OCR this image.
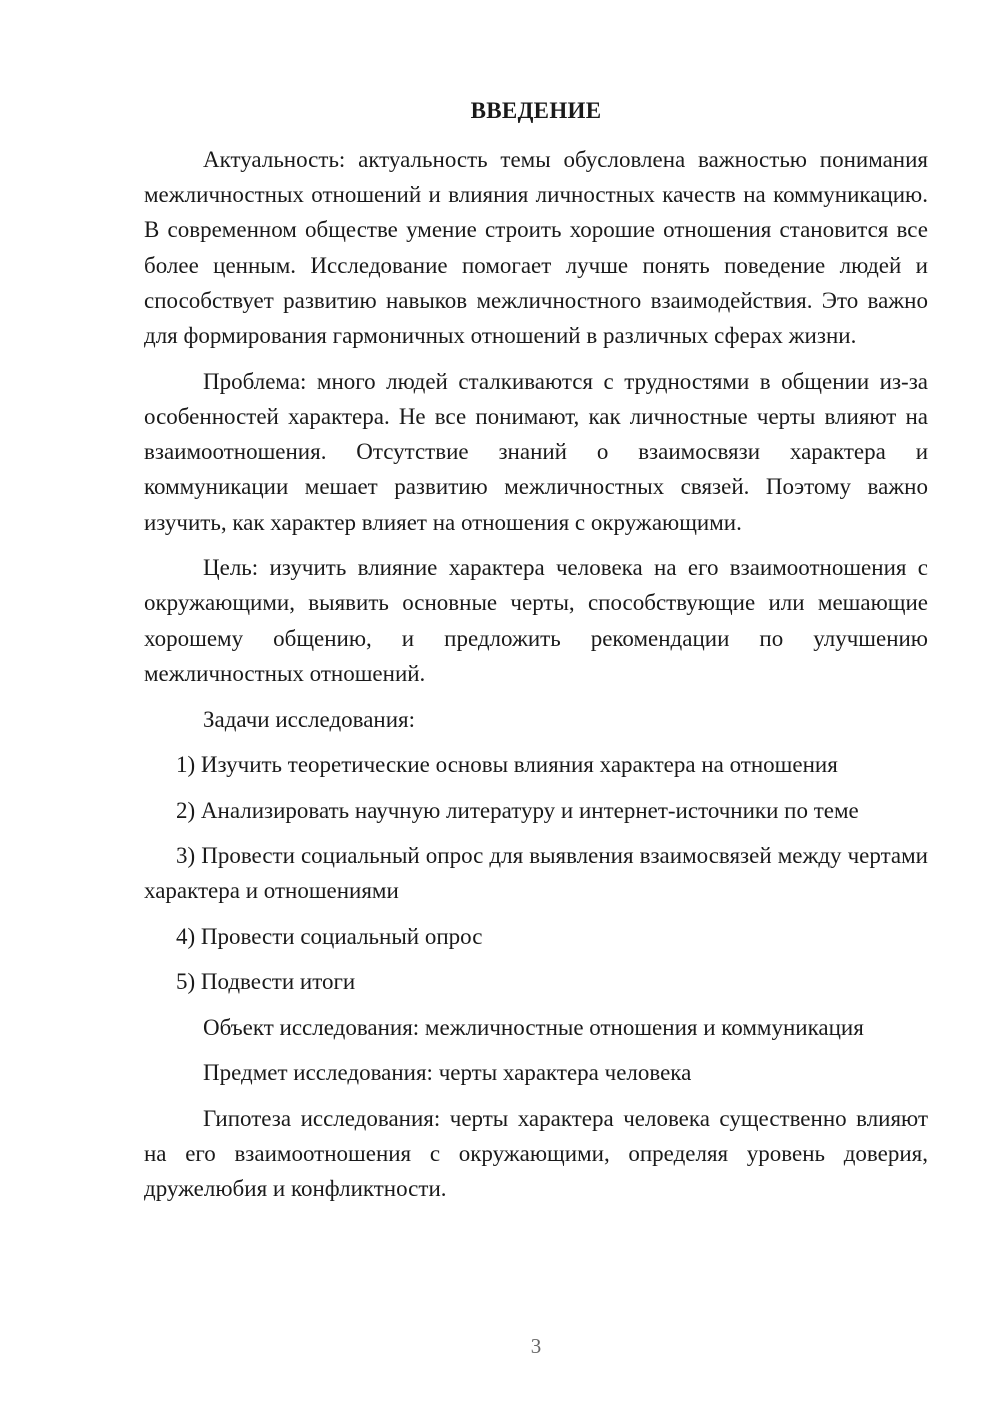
ВВЕДЕНИЕ

Актуальность: актуальность темы обусловлена важностью понимания межличностных отношений и влияния личностных качеств на коммуникацию. В современном обществе умение строить хорошие отношения становится все более ценным. Исследование помогает лучше понять поведение людей и способствует развитию навыков межличностного взаимодействия. Это важно для формирования гармоничных отношений в различных сферах жизни.

Проблема: много людей сталкиваются с трудностями в общении из-за особенностей характера. Не все понимают, как личностные черты влияют на взаимоотношения. Отсутствие знаний о взаимосвязи характера и коммуникации мешает развитию межличностных связей. Поэтому важно изучить, как характер влияет на отношения с окружающими.

Цель: изучить влияние характера человека на его взаимоотношения с окружающими, выявить основные черты, способствующие или мешающие хорошему общению, и предложить рекомендации по улучшению межличностных отношений.

Задачи исследования:

1) Изучить теоретические основы влияния характера на отношения

2) Анализировать научную литературу и интернет-источники по теме

3) Провести социальный опрос для выявления взаимосвязей между чертами характера и отношениями

4) Провести социальный опрос

5) Подвести итоги

Объект исследования: межличностные отношения и коммуникация

Предмет исследования: черты характера человека

Гипотеза исследования: черты характера человека существенно влияют на его взаимоотношения с окружающими, определяя уровень доверия, дружелюбия и конфликтности.

3
